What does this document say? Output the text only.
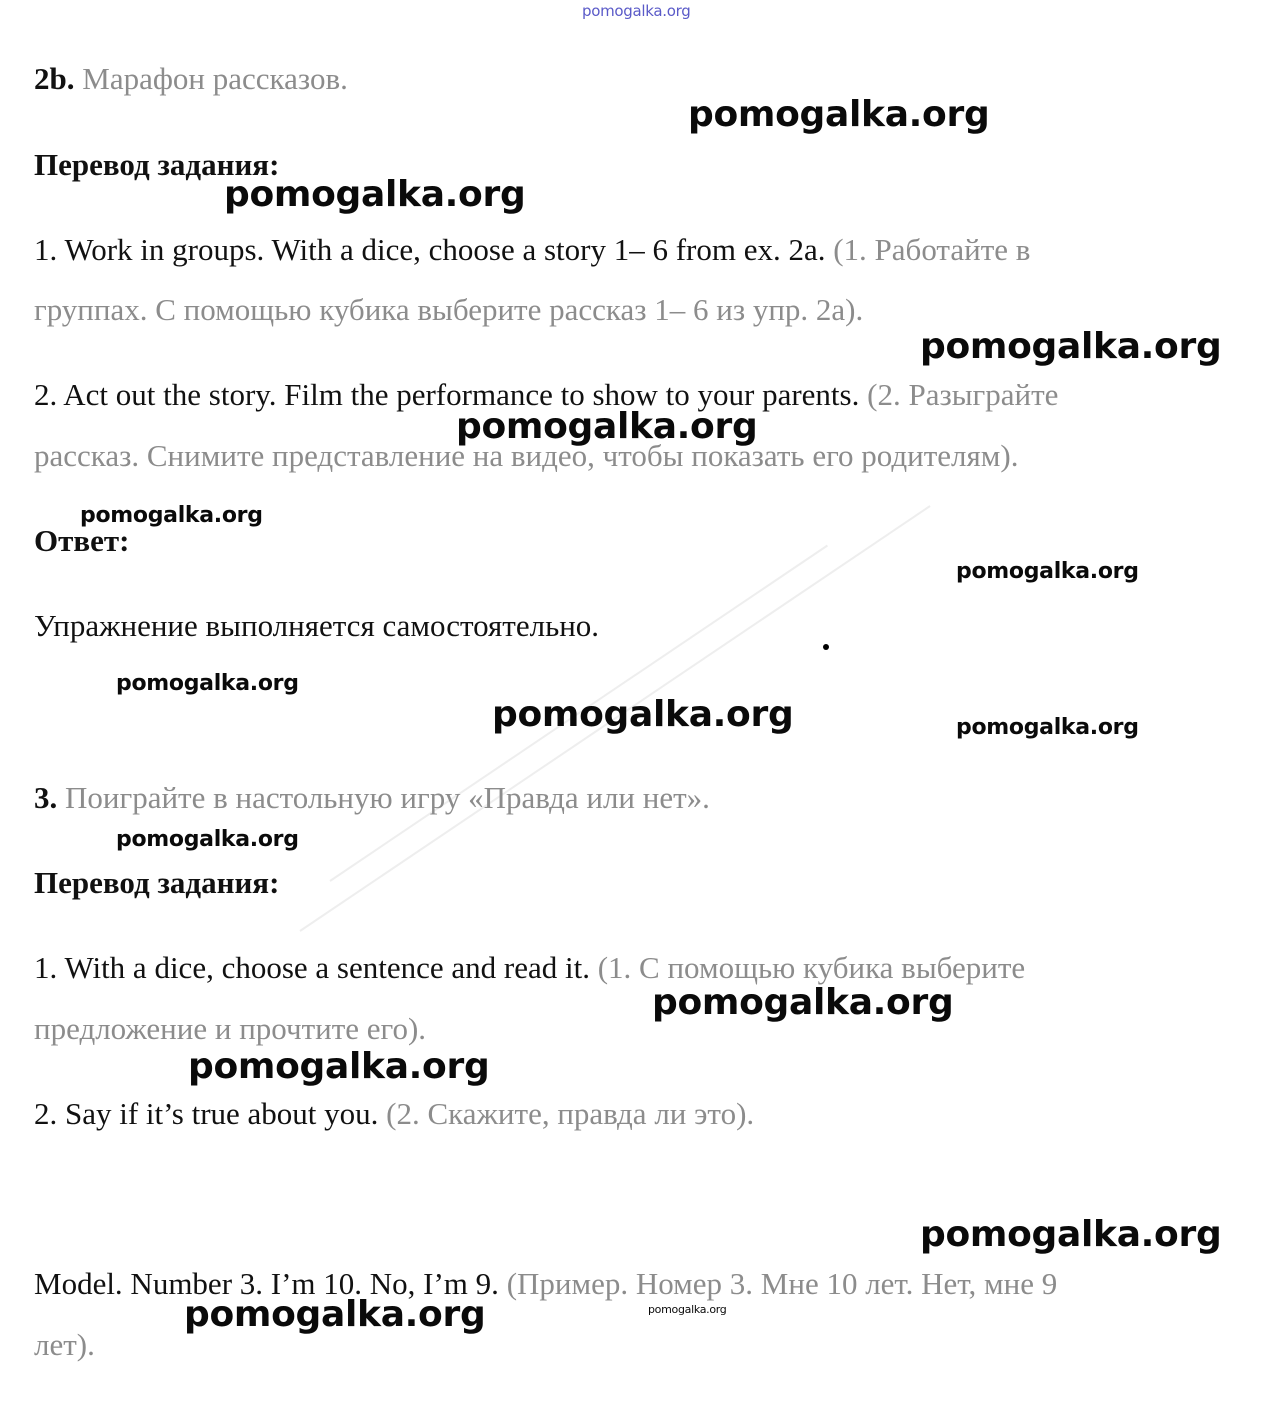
pomogalka.org
2b. Марафон рассказов.
Перевод задания:
1. Work in groups. With a dice, choose a story 1– 6 from ex. 2a. (1. Работайте в
группах. С помощью кубика выберите рассказ 1– 6 из упр. 2а).
2. Act out the story. Film the performance to show to your parents. (2. Разыграйте
рассказ. Снимите представление на видео, чтобы показать его родителям).
Ответ:
Упражнение выполняется самостоятельно.
3. Поиграйте в настольную игру «Правда или нет».
Перевод задания:
1. With a dice, choose a sentence and read it. (1. С помощью кубика выберите
предложение и прочтите его).
2. Say if it’s true about you. (2. Скажите, правда ли это).
Model. Number 3. I’m 10. No, I’m 9. (Пример. Номер 3. Мне 10 лет. Нет, мне 9
лет).
pomogalka.org
pomogalka.org
pomogalka.org
pomogalka.org
pomogalka.org
pomogalka.org
pomogalka.org
pomogalka.org	pomogalka.org
pomogalka.org
pomogalka.org
pomogalka.org
pomogalka.org
pomogalka.org	pomogalka.org
